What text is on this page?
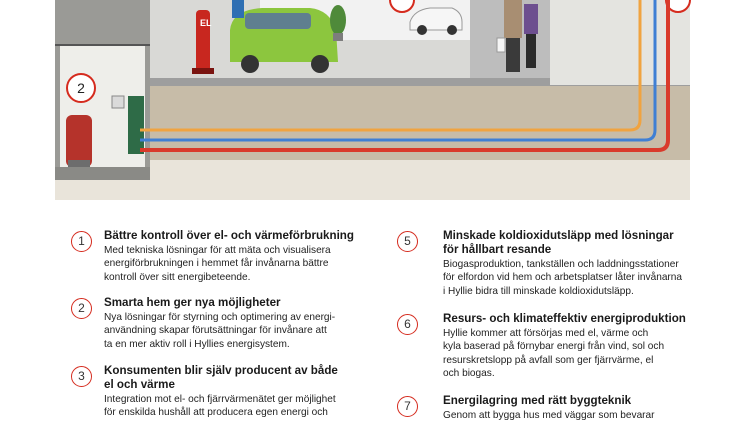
EL
2
1	Bättre kontroll över el- och värmeförbrukning
Med tekniska lösningar för att mäta och visualisera
energiförbrukningen i hemmet får invånarna bättre
kontroll över sitt energibeteende.
2	Smarta hem ger nya möjligheter
Nya lösningar för styrning och optimering av energi-
användning skapar förutsättningar för invånare att
ta en mer aktiv roll i Hyllies energisystem.
3	Konsumenten blir själv producent av både
el och värme
Integration mot el- och fjärrvärmenätet ger möjlighet
för enskilda hushåll att producera egen energi och
5	Minskade koldioxidutsläpp med lösningar
för hållbart resande
Biogasproduktion, tankställen och laddningsstationer
för elfordon vid hem och arbetsplatser låter invånarna
i Hyllie bidra till minskade koldioxidutsläpp.
6	Resurs- och klimateffektiv energiproduktion
Hyllie kommer att försörjas med el, värme och
kyla baserad på förnybar energi från vind, sol och
resurskretslopp på avfall som ger fjärrvärme, el
och biogas.
7	Energilagring med rätt byggteknik
Genom att bygga hus med väggar som bevarar
